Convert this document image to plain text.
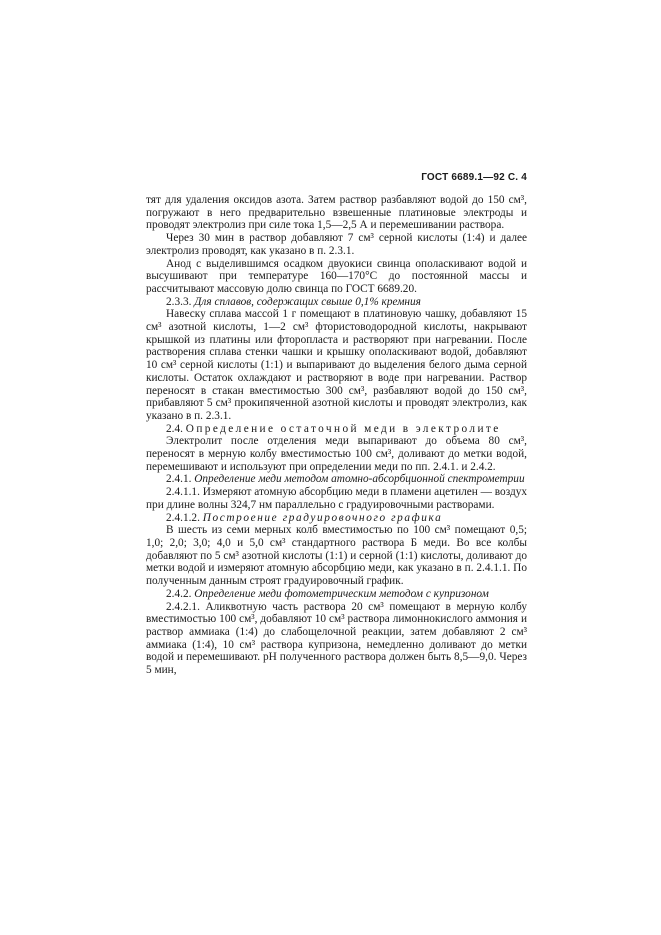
ГОСТ 6689.1—92 С. 4

тят для удаления оксидов азота. Затем раствор разбавляют водой до 150 см³, погружают в него предварительно взвешенные платиновые электроды и проводят электролиз при силе тока 1,5—2,5 А и перемешивании раствора.

Через 30 мин в раствор добавляют 7 см³ серной кислоты (1:4) и далее электролиз проводят, как указано в п. 2.3.1.

Анод с выделившимся осадком двуокиси свинца ополаскивают водой и высушивают при температуре 160—170°С до постоянной массы и рассчитывают массовую долю свинца по ГОСТ 6689.20.

2.3.3. Для сплавов, содержащих свыше 0,1% кремния

Навеску сплава массой 1 г помещают в платиновую чашку, добавляют 15 см³ азотной кислоты, 1—2 см³ фтористоводородной кислоты, накрывают крышкой из платины или фторопласта и растворяют при нагревании. После растворения сплава стенки чашки и крышку ополаскивают водой, добавляют 10 см³ серной кислоты (1:1) и выпаривают до выделения белого дыма серной кислоты. Остаток охлаждают и растворяют в воде при нагревании. Раствор переносят в стакан вместимостью 300 см³, разбавляют водой до 150 см³, прибавляют 5 см³ прокипяченной азотной кислоты и проводят электролиз, как указано в п. 2.3.1.

2.4. Определение остаточной меди в электролите

Электролит после отделения меди выпаривают до объема 80 см³, переносят в мерную колбу вместимостью 100 см³, доливают до метки водой, перемешивают и используют при определении меди по пп. 2.4.1. и 2.4.2.

2.4.1. Определение меди методом атомно-абсорбционной спектрометрии

2.4.1.1. Измеряют атомную абсорбцию меди в пламени ацетилен — воздух при длине волны 324,7 нм параллельно с градуировочными растворами.

2.4.1.2. Построение градуировочного графика

В шесть из семи мерных колб вместимостью по 100 см³ помещают 0,5; 1,0; 2,0; 3,0; 4,0 и 5,0 см³ стандартного раствора Б меди. Во все колбы добавляют по 5 см³ азотной кислоты (1:1) и серной (1:1) кислоты, доливают до метки водой и измеряют атомную абсорбцию меди, как указано в п. 2.4.1.1. По полученным данным строят градуировочный график.

2.4.2. Определение меди фотометрическим методом с купризоном

2.4.2.1. Аликвотную часть раствора 20 см³ помещают в мерную колбу вместимостью 100 см³, добавляют 10 см³ раствора лимоннокислого аммония и раствор аммиака (1:4) до слабощелочной реакции, затем добавляют 2 см³ аммиака (1:4), 10 см³ раствора купризона, немедленно доливают до метки водой и перемешивают. рН полученного раствора должен быть 8,5—9,0. Через 5 мин,
